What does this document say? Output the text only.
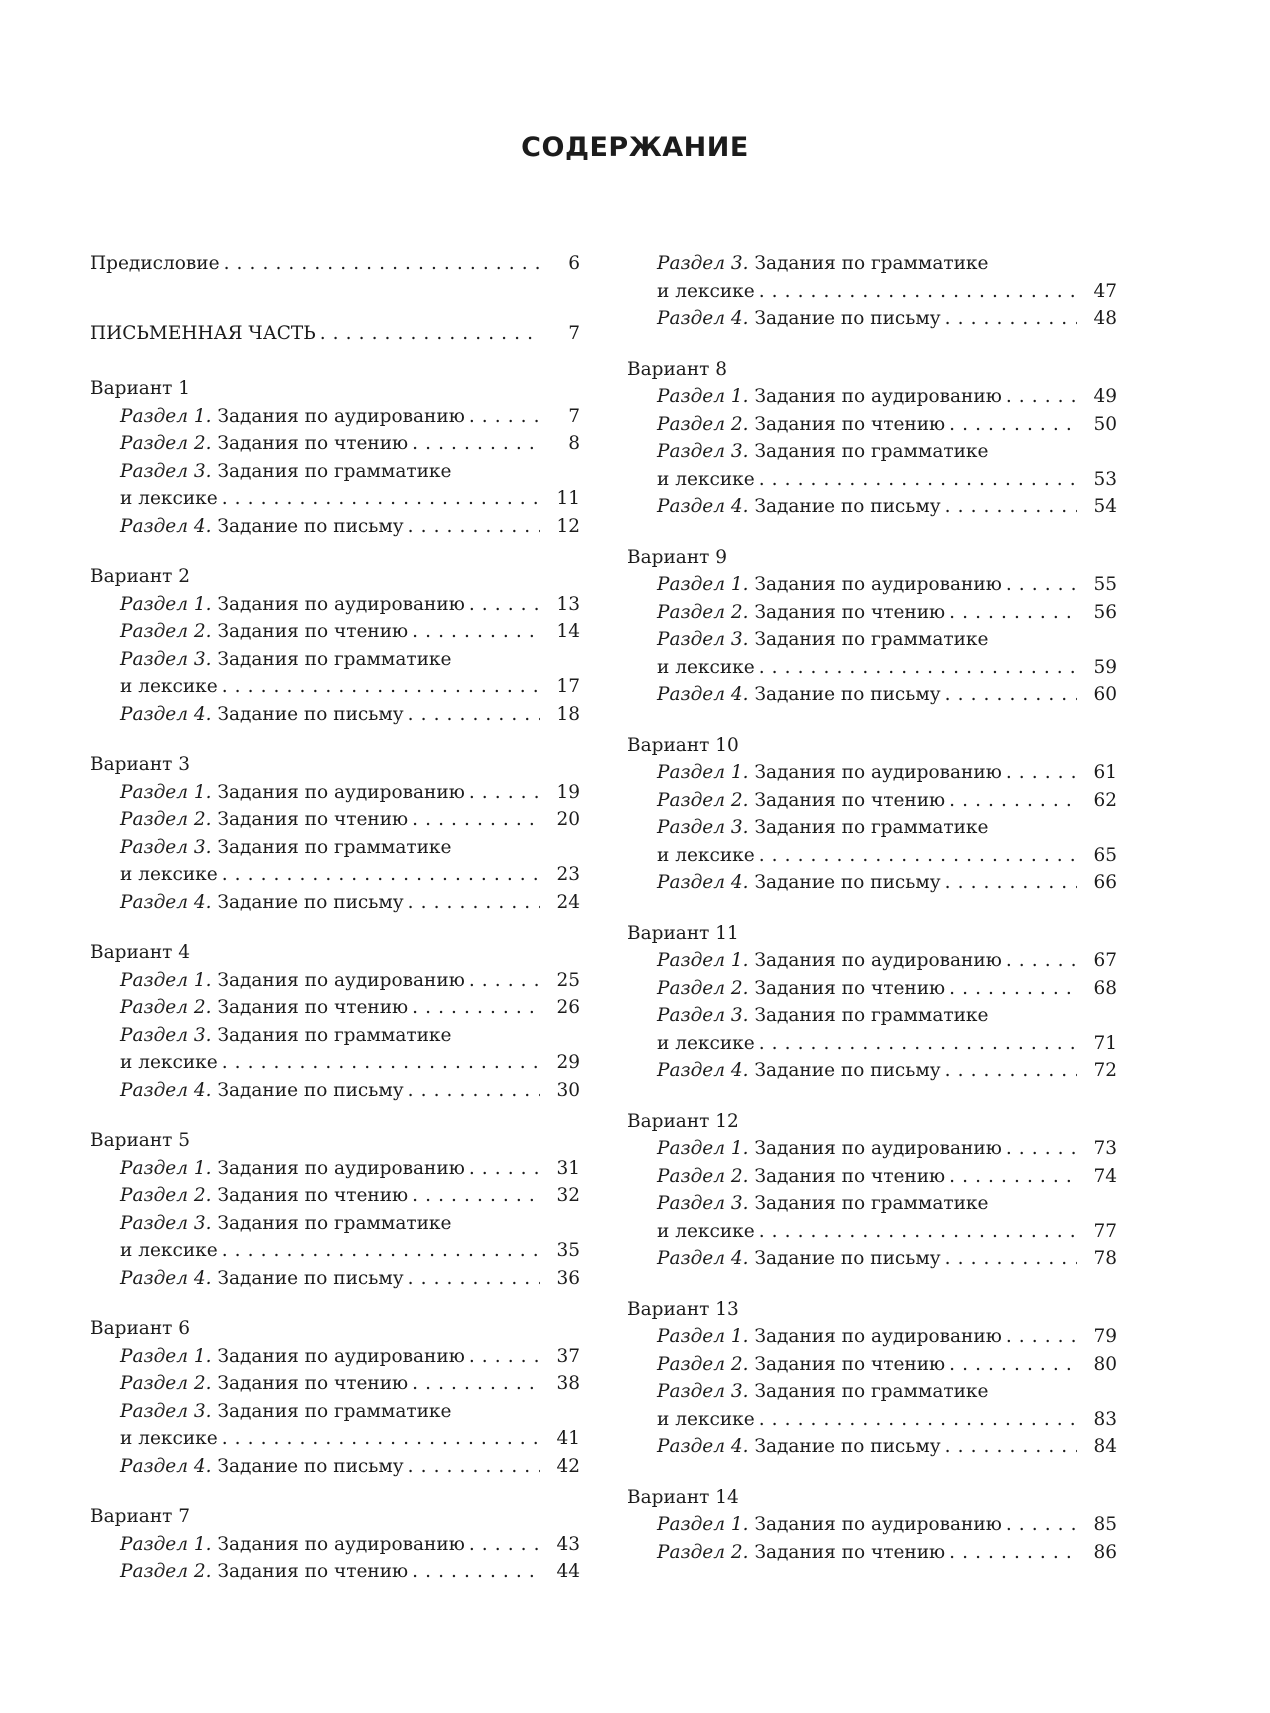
СОДЕРЖАНИЕ
Предисловие . . .	6
ПИСЬМЕННАЯ ЧАСТЬ . . .	7
Вариант 1
Раздел 1. Задания по аудированию . . .	7
Раздел 2. Задания по чтению . . .	8
Раздел 3. Задания по грамматике
и лексике . . .	11
Раздел 4. Задание по письму . . .	12
Вариант 2
Раздел 1. Задания по аудированию . . .	13
Раздел 2. Задания по чтению . . .	14
Раздел 3. Задания по грамматике
и лексике . . .	17
Раздел 4. Задание по письму . . .	18
Вариант 3
Раздел 1. Задания по аудированию . . .	19
Раздел 2. Задания по чтению . . .	20
Раздел 3. Задания по грамматике
и лексике . . .	23
Раздел 4. Задание по письму . . .	24
Вариант 4
Раздел 1. Задания по аудированию . . .	25
Раздел 2. Задания по чтению . . .	26
Раздел 3. Задания по грамматике
и лексике . . .	29
Раздел 4. Задание по письму . . .	30
Вариант 5
Раздел 1. Задания по аудированию . . .	31
Раздел 2. Задания по чтению . . .	32
Раздел 3. Задания по грамматике
и лексике . . .	35
Раздел 4. Задание по письму . . .	36
Вариант 6
Раздел 1. Задания по аудированию . . .	37
Раздел 2. Задания по чтению . . .	38
Раздел 3. Задания по грамматике
и лексике . . .	41
Раздел 4. Задание по письму . . .	42
Вариант 7
Раздел 1. Задания по аудированию . . .	43
Раздел 2. Задания по чтению . . .	44
Раздел 3. Задания по грамматике
и лексике . . .	47
Раздел 4. Задание по письму . . .	48
Вариант 8
Раздел 1. Задания по аудированию . . .	49
Раздел 2. Задания по чтению . . .	50
Раздел 3. Задания по грамматике
и лексике . . .	53
Раздел 4. Задание по письму . . .	54
Вариант 9
Раздел 1. Задания по аудированию . . .	55
Раздел 2. Задания по чтению . . .	56
Раздел 3. Задания по грамматике
и лексике . . .	59
Раздел 4. Задание по письму . . .	60
Вариант 10
Раздел 1. Задания по аудированию . . .	61
Раздел 2. Задания по чтению . . .	62
Раздел 3. Задания по грамматике
и лексике . . .	65
Раздел 4. Задание по письму . . .	66
Вариант 11
Раздел 1. Задания по аудированию . . .	67
Раздел 2. Задания по чтению . . .	68
Раздел 3. Задания по грамматике
и лексике . . .	71
Раздел 4. Задание по письму . . .	72
Вариант 12
Раздел 1. Задания по аудированию . . .	73
Раздел 2. Задания по чтению . . .	74
Раздел 3. Задания по грамматике
и лексике . . .	77
Раздел 4. Задание по письму . . .	78
Вариант 13
Раздел 1. Задания по аудированию . . .	79
Раздел 2. Задания по чтению . . .	80
Раздел 3. Задания по грамматике
и лексике . . .	83
Раздел 4. Задание по письму . . .	84
Вариант 14
Раздел 1. Задания по аудированию . . .	85
Раздел 2. Задания по чтению . . .	86
